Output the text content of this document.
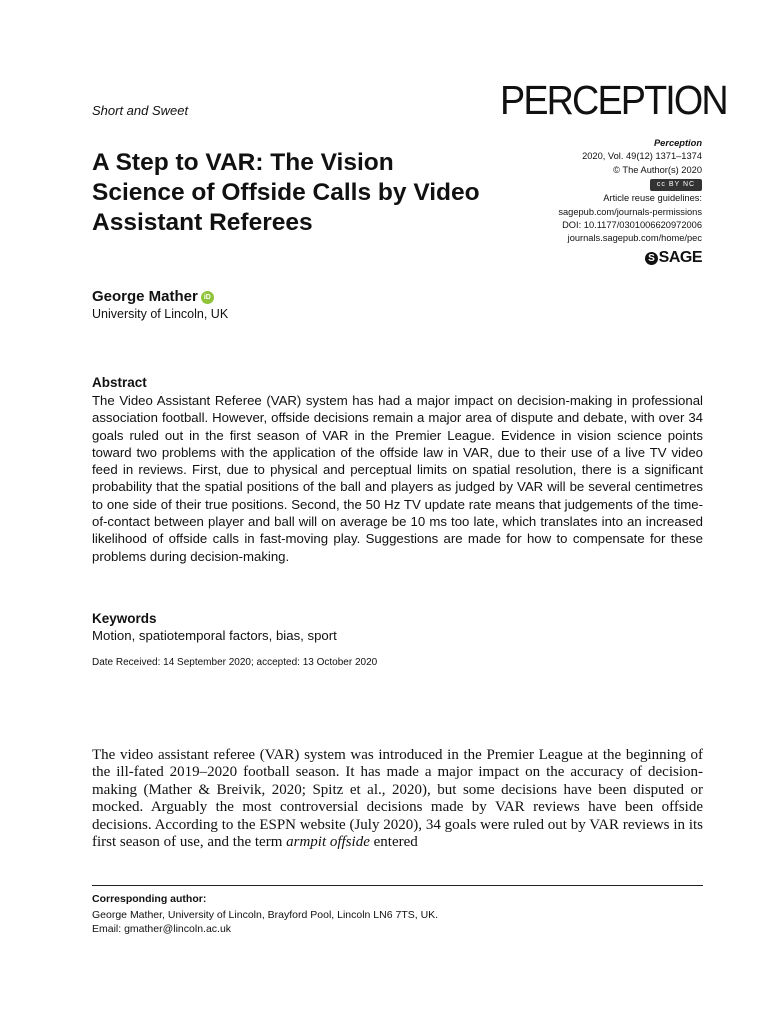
Short and Sweet	PERCEPTION
A Step to VAR: The Vision Science of Offside Calls by Video Assistant Referees
Perception
2020, Vol. 49(12) 1371–1374
© The Author(s) 2020
cc BY NC
Article reuse guidelines:
sagepub.com/journals-permissions
DOI: 10.1177/0301006620972006
journals.sagepub.com/home/pec
S SAGE
George Mather iD
University of Lincoln, UK
Abstract
The Video Assistant Referee (VAR) system has had a major impact on decision-making in professional association football. However, offside decisions remain a major area of dispute and debate, with over 34 goals ruled out in the first season of VAR in the Premier League. Evidence in vision science points toward two problems with the application of the offside law in VAR, due to their use of a live TV video feed in reviews. First, due to physical and perceptual limits on spatial resolution, there is a significant probability that the spatial positions of the ball and players as judged by VAR will be several centimetres to one side of their true positions. Second, the 50 Hz TV update rate means that judgements of the time-of-contact between player and ball will on average be 10 ms too late, which translates into an increased likelihood of offside calls in fast-moving play. Suggestions are made for how to compensate for these problems during decision-making.
Keywords
Motion, spatiotemporal factors, bias, sport
Date Received: 14 September 2020; accepted: 13 October 2020
The video assistant referee (VAR) system was introduced in the Premier League at the beginning of the ill-fated 2019–2020 football season. It has made a major impact on the accuracy of decision-making (Mather & Breivik, 2020; Spitz et al., 2020), but some decisions have been disputed or mocked. Arguably the most controversial decisions made by VAR reviews have been offside decisions. According to the ESPN website (July 2020), 34 goals were ruled out by VAR reviews in its first season of use, and the term armpit offside entered
Corresponding author:
George Mather, University of Lincoln, Brayford Pool, Lincoln LN6 7TS, UK.
Email: gmather@lincoln.ac.uk
